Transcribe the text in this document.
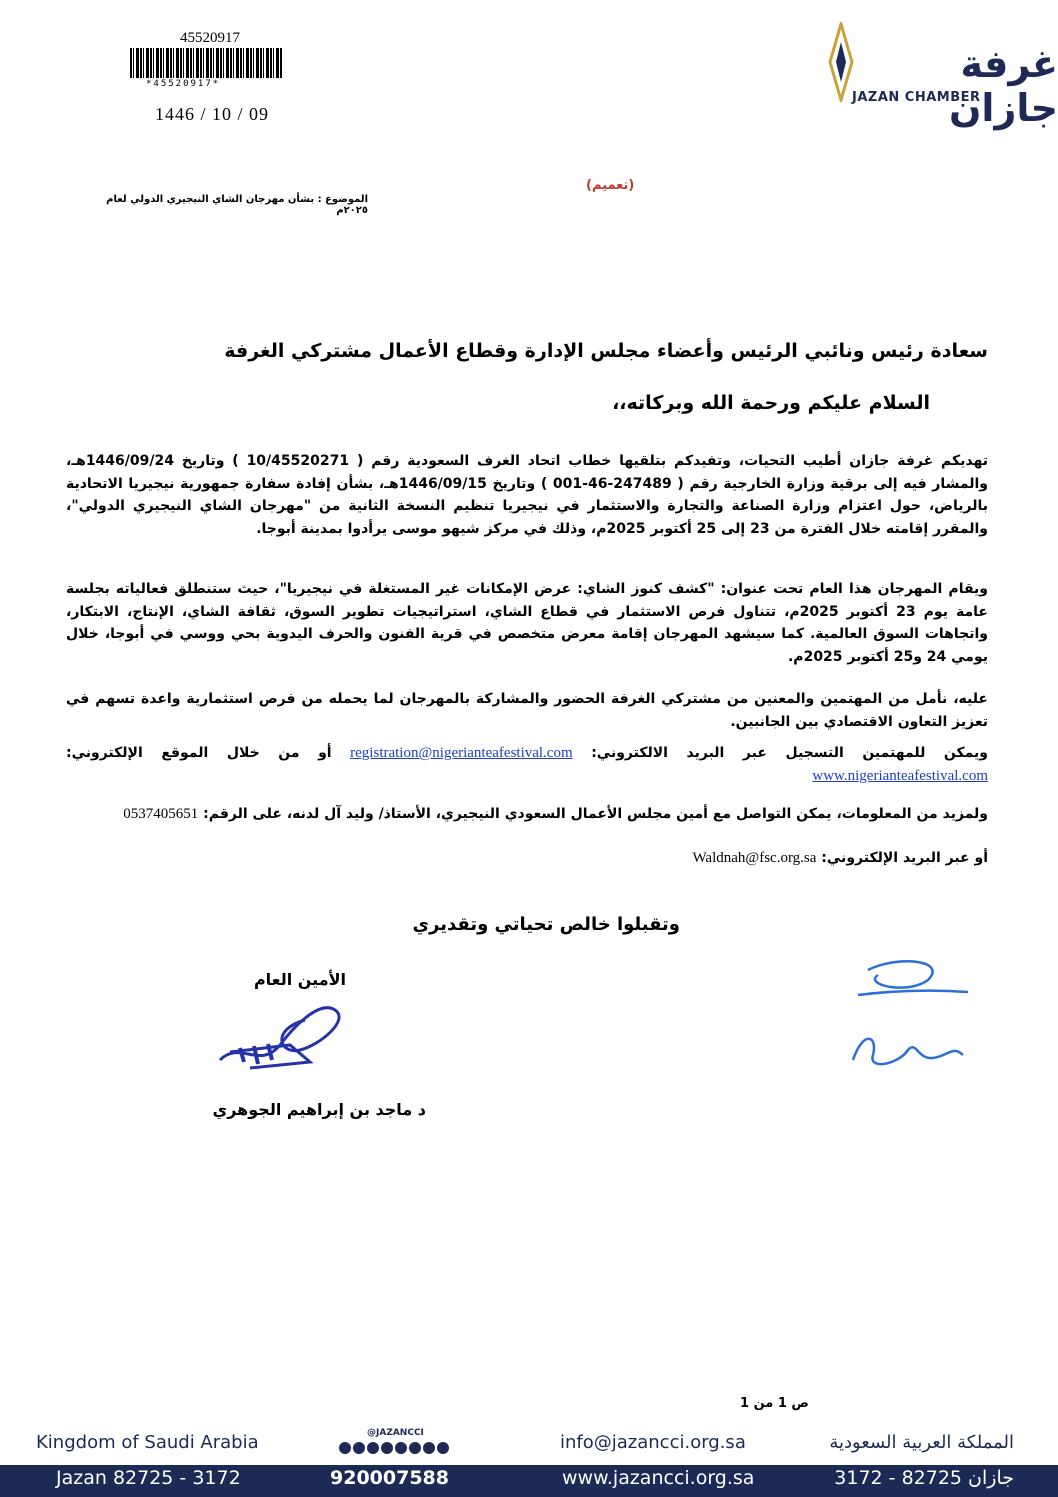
45520917
*45520917*
1446 / 10 / 09
غرفة جازان
JAZAN CHAMBER
(تعميم)
الموضوع : بشأن مهرجان الشاي النيجيري الدولي لعام ٢٠٢٥م
سعادة رئيس ونائبي الرئيس وأعضاء مجلس الإدارة وقطاع الأعمال مشتركي الغرفة
السلام عليكم ورحمة الله وبركاته،،
تهديكم غرفة جازان أطيب التحيات، وتفيدكم بتلقيها خطاب اتحاد الغرف السعودية رقم ( 10/45520271 ) وتاريخ 1446/09/24هـ، والمشار فيه إلى برقية وزارة الخارجية رقم ( 247489-46-001 ) وتاريخ 1446/09/15هـ، بشأن إفادة سفارة جمهورية نيجيريا الاتحادية بالرياض، حول اعتزام وزارة الصناعة والتجارة والاستثمار في نيجيريا تنظيم النسخة الثانية من "مهرجان الشاي النيجيري الدولي"، والمقرر إقامته خلال الفترة من 23 إلى 25 أكتوبر 2025م، وذلك في مركز شيهو موسى يرأدوا بمدينة أبوجا.
ويقام المهرجان هذا العام تحت عنوان: "كشف كنوز الشاي: عرض الإمكانات غير المستغلة في نيجيريا"، حيث ستنطلق فعالياته بجلسة عامة يوم 23 أكتوبر 2025م، تتناول فرص الاستثمار في قطاع الشاي، استراتيجيات تطوير السوق، ثقافة الشاي، الإنتاج، الابتكار، واتجاهات السوق العالمية. كما سيشهد المهرجان إقامة معرض متخصص في قرية الفنون والحرف اليدوية بحي ووسي في أبوجا، خلال يومي 24 و25 أكتوبر 2025م.
عليه، نأمل من المهتمين والمعنين من مشتركي الغرفة الحضور والمشاركة بالمهرجان لما يحمله من فرص استثمارية واعدة تسهم في تعزيز التعاون الاقتصادي بين الجانبين.
ويمكن للمهتمين التسجيل عبر البريد الالكتروني: registration@nigerianteafestival.com أو من خلال الموقع الإلكتروني: www.nigerianteafestival.com
ولمزيد من المعلومات، يمكن التواصل مع أمين مجلس الأعمال السعودي النيجيري، الأستاذ/ وليد آل لدنه، على الرقم: 0537405651
أو عبر البريد الإلكتروني: Waldnah@fsc.org.sa
وتقبلوا خالص تحياتي وتقديري
الأمين العام
د ماجد بن إبراهيم الجوهري
ص 1 من 1
Kingdom of Saudi Arabia	@JAZANCCI	info@jazancci.org.sa	المملكة العربية السعودية
Jazan 82725 - 3172	920007588	www.jazancci.org.sa	جازان 82725 - 3172
